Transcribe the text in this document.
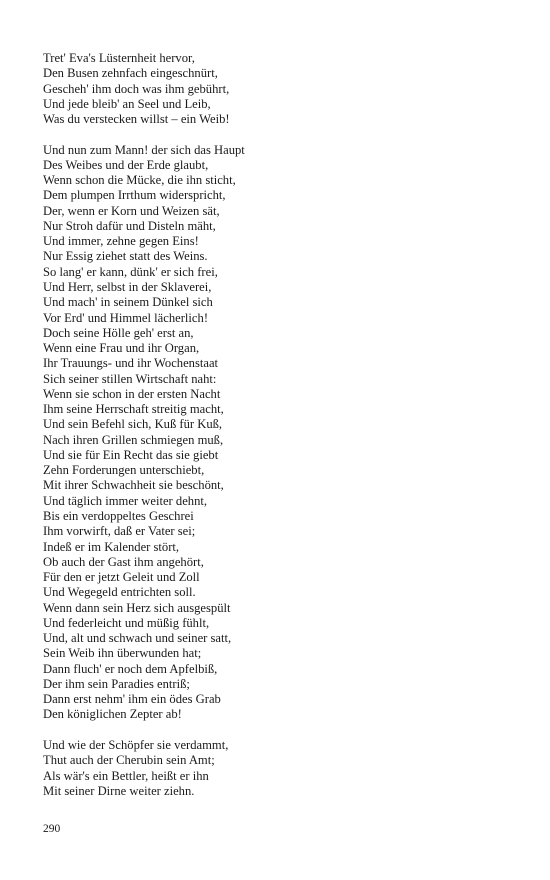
Tret' Eva's Lüsternheit hervor,
Den Busen zehnfach eingeschnürt,
Gescheh' ihm doch was ihm gebührt,
Und jede bleib' an Seel und Leib,
Was du verstecken willst – ein Weib!
Und nun zum Mann! der sich das Haupt
Des Weibes und der Erde glaubt,
Wenn schon die Mücke, die ihn sticht,
Dem plumpen Irrthum widerspricht,
Der, wenn er Korn und Weizen sät,
Nur Stroh dafür und Disteln mäht,
Und immer, zehne gegen Eins!
Nur Essig ziehet statt des Weins.
So lang' er kann, dünk' er sich frei,
Und Herr, selbst in der Sklaverei,
Und mach' in seinem Dünkel sich
Vor Erd' und Himmel lächerlich!
Doch seine Hölle geh' erst an,
Wenn eine Frau und ihr Organ,
Ihr Trauungs- und ihr Wochenstaat
Sich seiner stillen Wirtschaft naht:
Wenn sie schon in der ersten Nacht
Ihm seine Herrschaft streitig macht,
Und sein Befehl sich, Kuß für Kuß,
Nach ihren Grillen schmiegen muß,
Und sie für Ein Recht das sie giebt
Zehn Forderungen unterschiebt,
Mit ihrer Schwachheit sie beschönt,
Und täglich immer weiter dehnt,
Bis ein verdoppeltes Geschrei
Ihm vorwirft, daß er Vater sei;
Indeß er im Kalender stört,
Ob auch der Gast ihm angehört,
Für den er jetzt Geleit und Zoll
Und Wegegeld entrichten soll.
Wenn dann sein Herz sich ausgespült
Und federleicht und müßig fühlt,
Und, alt und schwach und seiner satt,
Sein Weib ihn überwunden hat;
Dann fluch' er noch dem Apfelbiß,
Der ihm sein Paradies entriß;
Dann erst nehm' ihm ein ödes Grab
Den königlichen Zepter ab!
Und wie der Schöpfer sie verdammt,
Thut auch der Cherubin sein Amt;
Als wär's ein Bettler, heißt er ihn
Mit seiner Dirne weiter ziehn.
290
